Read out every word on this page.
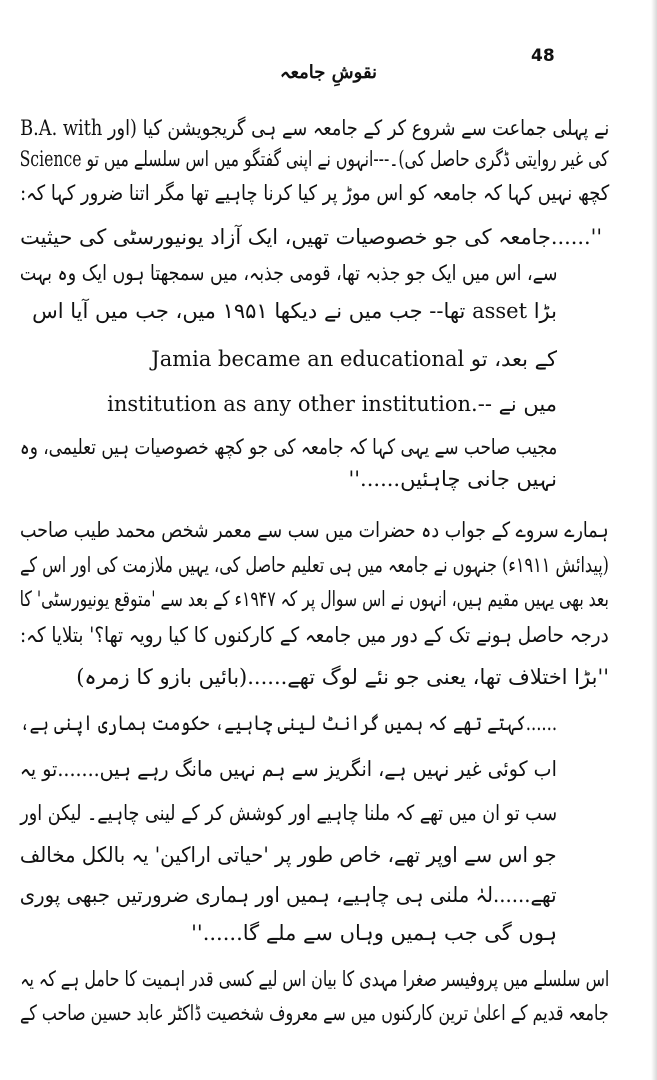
48
نقوشِ جامعہ
نے پہلی جماعت سے شروع کر کے جامعہ سے ہی گریجویشن کیا (اور B.A. with
Science کی غیر روایتی ڈگری حاصل کی)۔---انہوں نے اپنی گفتگو میں اس سلسلے میں تو
کچھ نہیں کہا کہ جامعہ کو اس موڑ پر کیا کرنا چاہیے تھا مگر اتنا ضرور کہا کہ:
''......جامعہ کی جو خصوصیات تھیں، ایک آزاد یونیورسٹی کی حیثیت
سے، اس میں ایک جو جذبہ تھا، قومی جذبہ، میں سمجھتا ہوں ایک وہ بہت
بڑا asset تھا-- جب میں نے دیکھا ۱۹۵۱ میں، جب میں آیا اس
کے بعد، تو Jamia became an educational
institution as any other institution.-- میں نے
مجیب صاحب سے یہی کہا کہ جامعہ کی جو کچھ خصوصیات ہیں تعلیمی، وہ
نہیں جانی چاہئیں......''
ہمارے سروے کے جواب دہ حضرات میں سب سے معمر شخص محمد طیب صاحب
(پیدائش ۱۹۱۱ء) جنہوں نے جامعہ میں ہی تعلیم حاصل کی، یہیں ملازمت کی اور اس کے
بعد بھی یہیں مقیم ہیں، انہوں نے اس سوال پر کہ ۱۹۴۷ء کے بعد سے 'متوقع یونیورسٹی' کا
درجہ حاصل ہونے تک کے دور میں جامعہ کے کارکنوں کا کیا رویہ تھا؟' بتلایا کہ:
''بڑا اختلاف تھا، یعنی جو نئے لوگ تھے......(بائیں بازو کا زمرہ)
......کہتے تھے کہ ہمیں گرانٹ لینی چاہیے، حکومت ہماری اپنی ہے،
اب کوئی غیر نہیں ہے، انگریز سے ہم نہیں مانگ رہے ہیں.......تو یہ
سب تو ان میں تھے کہ ملنا چاہیے اور کوشش کر کے لینی چاہیے۔ لیکن اور
جو اس سے اوپر تھے، خاص طور پر 'حیاتی اراکین' یہ بالکل مخالف
تھے......لہٰ ملنی ہی چاہیے، ہمیں اور ہماری ضرورتیں جبھی پوری
ہوں گی جب ہمیں وہاں سے ملے گا......''
اس سلسلے میں پروفیسر صغرا مہدی کا بیان اس لیے کسی قدر اہمیت کا حامل ہے کہ یہ
جامعہ قدیم کے اعلیٰ ترین کارکنوں میں سے معروف شخصیت ڈاکٹر عابد حسین صاحب کے
